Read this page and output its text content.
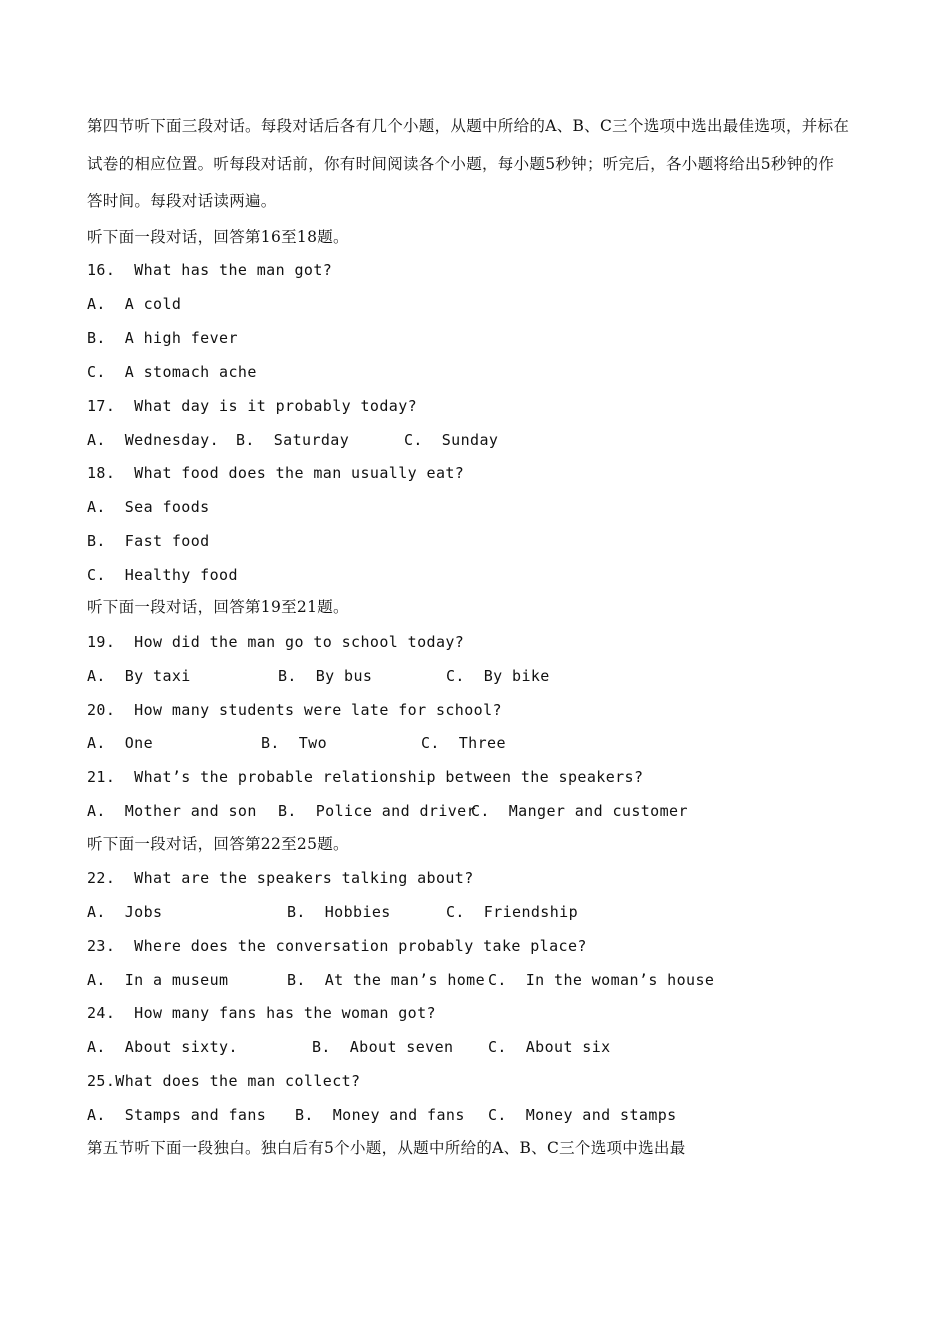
第四节听下面三段对话。每段对话后各有几个小题，从题中所给的A、B、C三个选项中选出最佳选项，并标在
试卷的相应位置。听每段对话前，你有时间阅读各个小题，每小题5秒钟；听完后，各小题将给出5秒钟的作
答时间。每段对话读两遍。
听下面一段对话，回答第16至18题。
16.  What has the man got?
A.  A cold
B.  A high fever
C.  A stomach ache
17.  What day is it probably today?
A.  Wednesday. B.  Saturday	C.  Sunday
18.  What food does the man usually eat?
A.  Sea foods
B.  Fast food
C.  Healthy food
听下面一段对话，回答第19至21题。
19.  How did the man go to school today?
A.  By taxi	B.  By bus	C.  By bike
20.  How many students were late for school?
A.  One	B.  Two	C.  Three
21.  What’s the probable relationship between the speakers?
A.  Mother and son B.  Police and driver
C.  Manger and customer
听下面一段对话，回答第22至25题。
22.  What are the speakers talking about?
A.  Jobs	B.  Hobbies	C.  Friendship
23.  Where does the conversation probably take place?
A.  In a museum	B.  At the man’s home C.  In the woman’s house
24.  How many fans has the woman got?
A.  About sixty.	B.  About seven C.  About six
25.What does the man collect?
A.  Stamps and fans B.  Money and fans C.  Money and stamps
第五节听下面一段独白。独白后有5个小题，从题中所给的A、B、C三个选项中选出最
